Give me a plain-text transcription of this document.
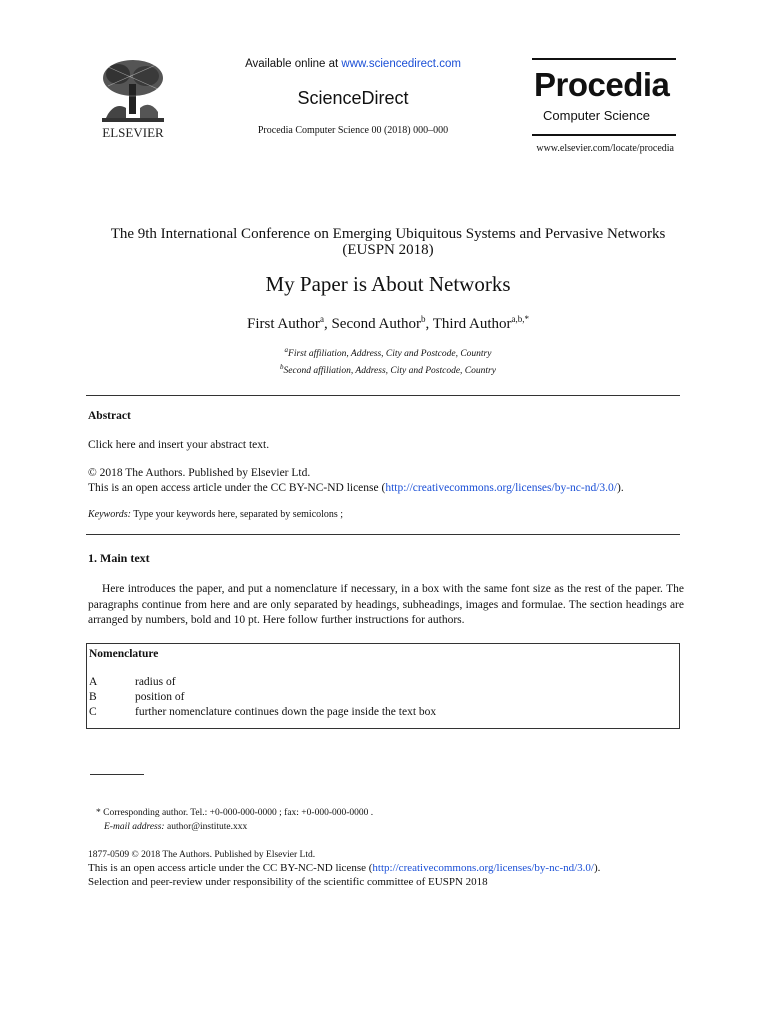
Available online at www.sciencedirect.com
ScienceDirect
Procedia Computer Science 00 (2018) 000–000
ELSEVIER
Procedia
Computer Science
www.elsevier.com/locate/procedia
The 9th International Conference on Emerging Ubiquitous Systems and Pervasive Networks (EUSPN 2018)
My Paper is About Networks
First Author$^a$, Second Author$^b$, Third Author$^{a,b,*}$
$^a$First affiliation, Address, City and Postcode, Country
$^b$Second affiliation, Address, City and Postcode, Country
Abstract
Click here and insert your abstract text.
© 2018 The Authors. Published by Elsevier Ltd.
This is an open access article under the CC BY-NC-ND license (http://creativecommons.org/licenses/by-nc-nd/3.0/).
Keywords: Type your keywords here, separated by semicolons ;
1. Main text
Here introduces the paper, and put a nomenclature if necessary, in a box with the same font size as the rest of the paper. The paragraphs continue from here and are only separated by headings, subheadings, images and formulae. The section headings are arranged by numbers, bold and 10 pt. Here follow further instructions for authors.
Nomenclature
A	radius of
B	position of
C	further nomenclature continues down the page inside the text box
* Corresponding author. Tel.: +0-000-000-0000 ; fax: +0-000-000-0000 .
E-mail address: author@institute.xxx
1877-0509 © 2018 The Authors. Published by Elsevier Ltd.
This is an open access article under the CC BY-NC-ND license (http://creativecommons.org/licenses/by-nc-nd/3.0/).
Selection and peer-review under responsibility of the scientific committee of EUSPN 2018
